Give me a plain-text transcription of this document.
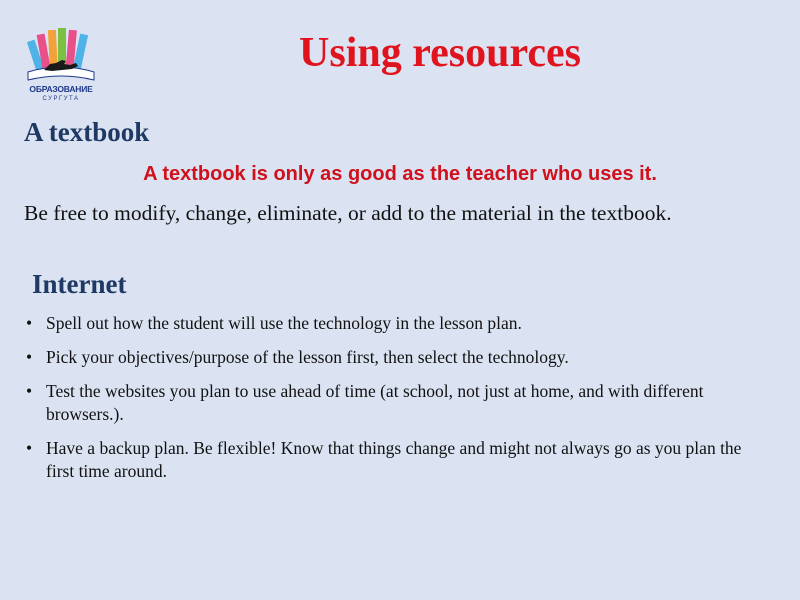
ОБРАЗОВАНИЕ
СУРГУТА
Using resources
A textbook
A textbook is only as good as the teacher who uses it.
Be free to modify, change, eliminate, or add to the material in the textbook.
Internet
• Spell out how the student will use the technology in the lesson plan.
• Pick your objectives/purpose of the lesson first, then select the technology.
• Test the websites you plan to use ahead of time (at school, not just at home, and with different browsers.).
• Have a backup plan. Be flexible! Know that things change and might not always go as you plan the first time around.
